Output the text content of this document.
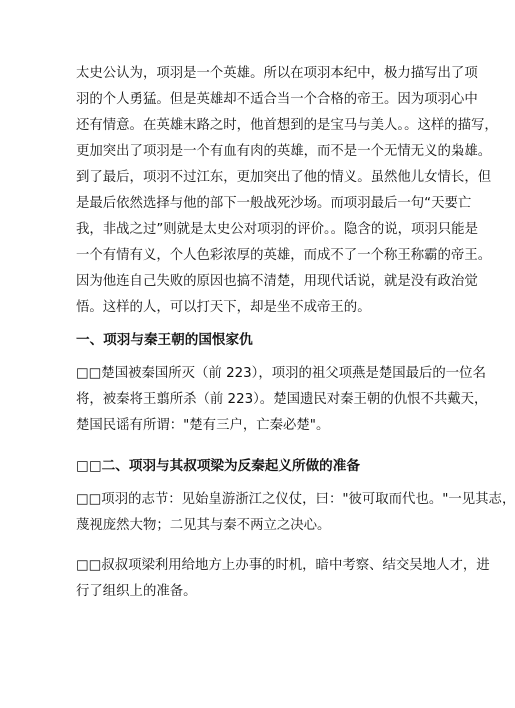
太史公认为，项羽是一个英雄。所以在项羽本纪中，极力描写出了项
羽的个人勇猛。但是英雄却不适合当一个合格的帝王。因为项羽心中
还有情意。在英雄末路之时，他首想到的是宝马与美人。。这样的描写，
更加突出了项羽是一个有血有肉的英雄，而不是一个无情无义的枭雄。
到了最后，项羽不过江东，更加突出了他的情义。虽然他儿女情长，但
是最后依然选择与他的部下一般战死沙场。而项羽最后一句“天要亡
我，非战之过”则就是太史公对项羽的评价。。隐含的说，项羽只能是
一个有情有义，个人色彩浓厚的英雄，而成不了一个称王称霸的帝王。
因为他连自己失败的原因也搞不清楚，用现代话说，就是没有政治觉
悟。这样的人，可以打天下，却是坐不成帝王的。
一、项羽与秦王朝的国恨家仇
□□楚国被秦国所灭（前 223），项羽的祖父项燕是楚国最后的一位名
将，被秦将王翦所杀（前 223）。楚国遗民对秦王朝的仇恨不共戴天，
楚国民谣有所谓："楚有三户，亡秦必楚"。
□□二、项羽与其叔项梁为反秦起义所做的准备
□□项羽的志节：见始皇游浙江之仪仗，曰："彼可取而代也。"一见其志，
蔑视庞然大物；二见其与秦不两立之决心。
□□叔叔项梁利用给地方上办事的时机，暗中考察、结交吴地人才，进
行了组织上的准备。
